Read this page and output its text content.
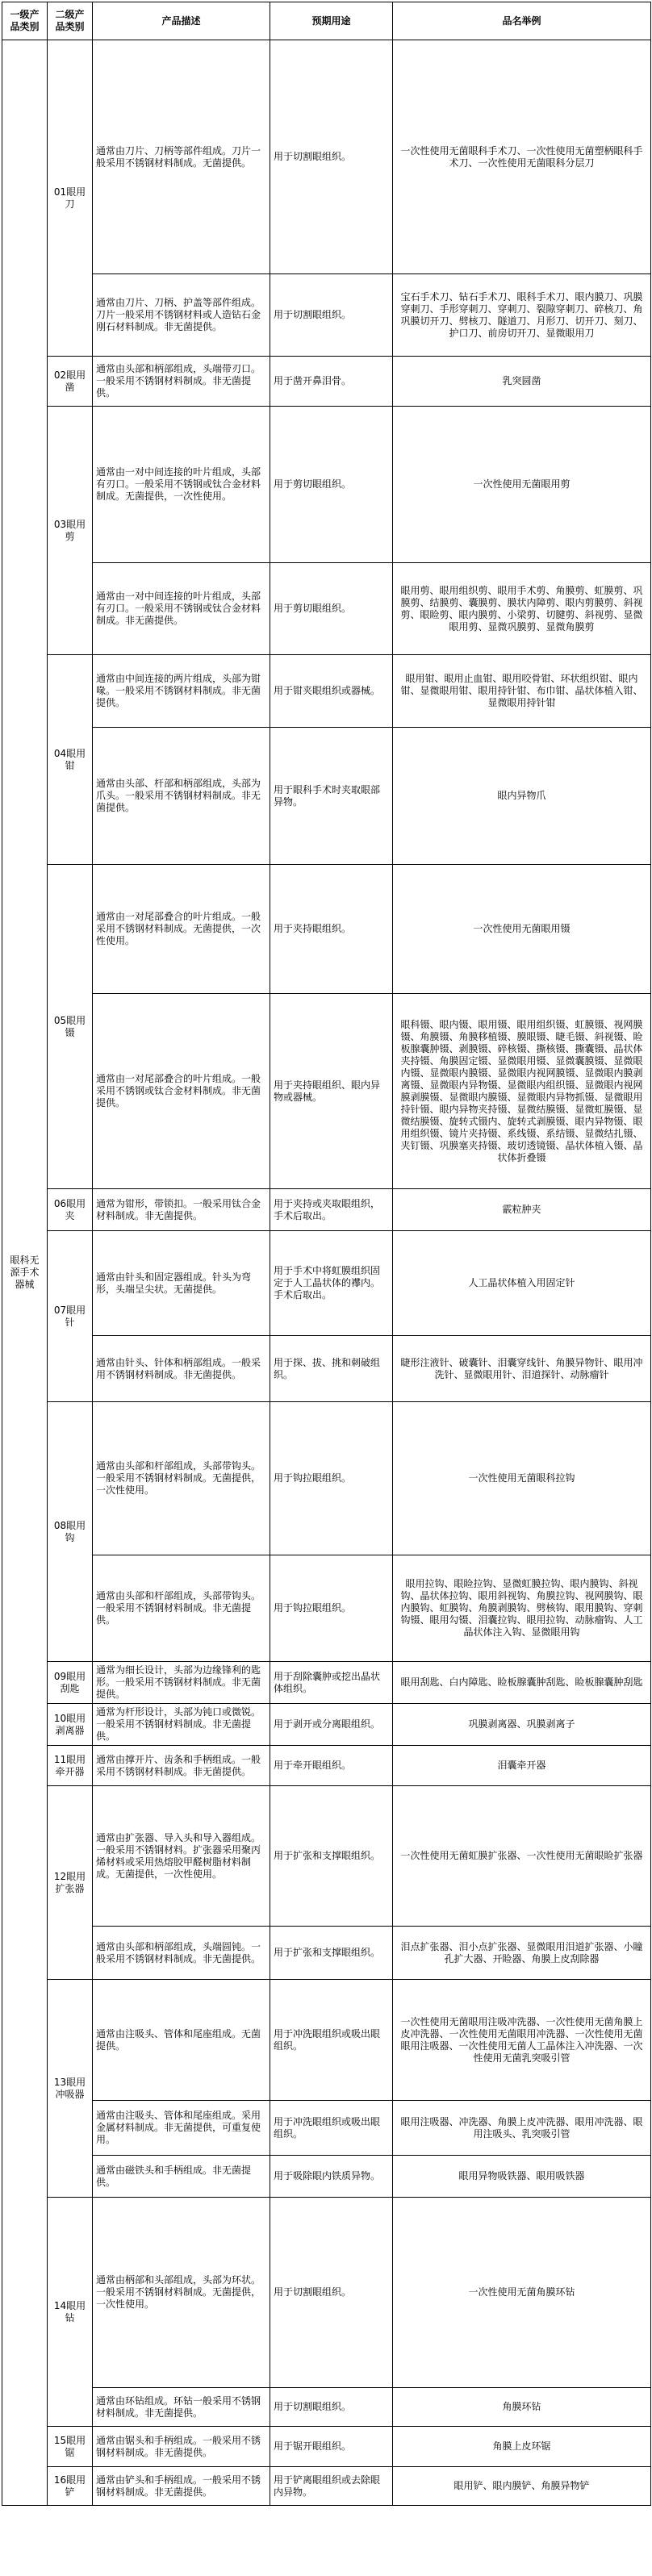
一级产品类别	二级产品类别	产品描述	预期用途	品名举例
眼科无源手术器械	01眼用刀	通常由刀片、刀柄等部件组成。刀片一般采用不锈钢材料制成。无菌提供。	用于切割眼组织。	一次性使用无菌眼科手术刀、一次性使用无菌塑柄眼科手术刀、一次性使用无菌眼科分层刀
		通常由刀片、刀柄、护盖等部件组成。刀片一般采用不锈钢材料或人造钻石金刚石材料制成。非无菌提供。	用于切割眼组织。	宝石手术刀、钻石手术刀、眼科手术刀、眼内膜刀、巩膜穿刺刀、手形穿刺刀、穿刺刀、裂隙穿刺刀、碎核刀、角巩膜切开刀、劈核刀、隧道刀、月形刀、切开刀、刻刀、护口刀、前房切开刀、显微眼用刀
	02眼用凿	通常由头部和柄部组成，头端带刃口。一般采用不锈钢材料制成。非无菌提供。	用于凿开鼻泪骨。	乳突圆凿
	03眼用剪	通常由一对中间连接的叶片组成，头部有刃口。一般采用不锈钢或钛合金材料制成。无菌提供，一次性使用。	用于剪切眼组织。	一次性使用无菌眼用剪
		通常由一对中间连接的叶片组成，头部有刃口。一般采用不锈钢或钛合金材料制成。非无菌提供。	用于剪切眼组织。	眼用剪、眼用组织剪、眼用手术剪、角膜剪、虹膜剪、巩膜剪、结膜剪、囊膜剪、膜状内障剪、眼内剪膜剪、斜视剪、眼睑剪、眼内膜剪、小梁剪、切腱剪、斜视剪、显微眼用剪、显微巩膜剪、显微角膜剪
	04眼用钳	通常由中间连接的两片组成，头部为钳喙。一般采用不锈钢材料制成。非无菌提供。	用于钳夹眼组织或器械。	眼用钳、眼用止血钳、眼用咬骨钳、环状组织钳、眼内钳、显微眼用钳、眼用持针钳、布巾钳、晶状体植入钳、显微眼用持针钳
		通常由头部、杆部和柄部组成，头部为爪头。一般采用不锈钢材料制成。非无菌提供。	用于眼科手术时夹取眼部异物。	眼内异物爪
	05眼用镊	通常由一对尾部叠合的叶片组成。一般采用不锈钢材料制成。无菌提供，一次性使用。	用于夹持眼组织。	一次性使用无菌眼用镊
		通常由一对尾部叠合的叶片组成。一般采用不锈钢或钛合金材料制成。非无菌提供。	用于夹持眼组织、眼内异物或器械。	眼科镊、眼内镊、眼用镊、眼用组织镊、虹膜镊、视网膜镊、角膜镊、角膜移植镊、膜眼镊、睫毛镊、斜视镊、睑板腺囊肿镊、剥膜镊、碎核镊、撕核镊、撕囊镊、晶状体夹持镊、角膜固定镊、显微眼用镊、显微囊膜镊、显微眼内镊、显微眼内膜镊、显微眼内视网膜镊、显微眼内膜剥离镊、显微眼内异物镊、显微眼内组织镊、显微眼内视网膜剥膜镊、显微眼内膜镊、显微眼内异物抓镊、显微眼用持针镊、眼内异物夹持镊、显微结膜镊、显微虹膜镊、显微结膜镊、旋转式镊内、旋转式剥膜镊、眼内异物镊、眼用组织镊、镜片夹持镊、系线镊、系结镊、显微结扎镊、夹钉镊、巩膜塞夹持镊、玻切透镜镊、晶状体植入镊、晶状体折叠镊
	06眼用夹	通常为钳形，带锁扣。一般采用钛合金材料制成。非无菌提供。	用于夹持或夹取眼组织，手术后取出。	霰粒肿夹
	07眼用针	通常由针头和固定器组成。针头为弯形，头端呈尖状。无菌提供。	用于手术中将虹膜组织固定于人工晶状体的襻内。手术后取出。	人工晶状体植入用固定针
		通常由针头、针体和柄部组成。一般采用不锈钢材料制成。非无菌提供。	用于探、拔、挑和刺破组织。	睫形注液针、破囊针、泪囊穿线针、角膜异物针、眼用冲洗针、显微眼用针、泪道探针、动脉瘤针
	08眼用钩	通常由头部和杆部组成，头部带钩头。一般采用不锈钢材料制成。无菌提供，一次性使用。	用于钩拉眼组织。	一次性使用无菌眼科拉钩
		通常由头部和杆部组成，头部带钩头。一般采用不锈钢材料制成。非无菌提供。	用于钩拉眼组织。	眼用拉钩、眼睑拉钩、显微虹膜拉钩、眼内膜钩、斜视钩、晶状体拉钩、眼用斜视钩、角膜拉钩、视网膜钩、眼内膜钩、虹膜钩、角膜剥膜钩、劈核钩、眼用膜钩、穿刺钩镊、眼用勾镊、泪囊拉钩、眼用拉钩、动脉瘤钩、人工晶状体注入钩、显微眼用钩
	09眼用刮匙	通常为细长设计，头部为边缘锋利的匙形。一般采用不锈钢材料制成。非无菌提供。	用于刮除囊肿或挖出晶状体组织。	眼用刮匙、白内障匙、睑板腺囊肿刮匙、睑板腺囊肿刮匙
	10眼用剥离器	通常为杆形设计，头部为钝口或微锐。一般采用不锈钢材料制成。非无菌提供。	用于剥开或分离眼组织。	巩膜剥离器、巩膜剥离子
	11眼用牵开器	通常由撑开片、齿条和手柄组成。一般采用不锈钢材料制成。非无菌提供。	用于牵开眼组织。	泪囊牵开器
	12眼用扩张器	通常由扩张器、导入头和导入器组成。一般采用不锈钢材料。扩张器采用聚丙烯材料或采用热熔胶甲醛树脂材料制成。无菌提供，一次性使用。	用于扩张和支撑眼组织。	一次性使用无菌虹膜扩张器、一次性使用无菌眼睑扩张器
		通常由头部和柄部组成，头端圆钝。一般采用不锈钢材料制成。非无菌提供。	用于扩张和支撑眼组织。	泪点扩张器、泪小点扩张器、显微眼用泪道扩张器、小瞳孔扩大器、开睑器、角膜上皮刮除器
	13眼用冲吸器	通常由注吸头、管体和尾座组成。无菌提供。	用于冲洗眼组织或吸出眼组织。	一次性使用无菌眼用注吸冲洗器、一次性使用无菌角膜上皮冲洗器、一次性使用无菌眼用冲洗器、一次性使用无菌眼用注吸器、一次性使用无菌人工晶体注入冲洗器、一次性使用无菌乳突吸引管
		通常由注吸头、管体和尾座组成。采用金属材料制成。非无菌提供，可重复使用。	用于冲洗眼组织或吸出眼组织。	眼用注吸器、冲洗器、角膜上皮冲洗器、眼用冲洗器、眼用注吸头、乳突吸引管
		通常由磁铁头和手柄组成。非无菌提供。	用于吸除眼内铁质异物。	眼用异物吸铁器、眼用吸铁器
	14眼用钻	通常由柄部和头部组成，头部为环状。一般采用不锈钢材料制成。无菌提供，一次性使用。	用于切割眼组织。	一次性使用无菌角膜环钻
		通常由环钻组成。环钻一般采用不锈钢材料制成。非无菌提供。	用于切割眼组织。	角膜环钻
	15眼用锯	通常由锯头和手柄组成。一般采用不锈钢材料制成。非无菌提供。	用于锯开眼组织。	角膜上皮环锯
	16眼用铲	通常由铲头和手柄组成。一般采用不锈钢材料制成。非无菌提供。	用于铲离眼组织或去除眼内异物。	眼用铲、眼内膜铲、角膜异物铲
